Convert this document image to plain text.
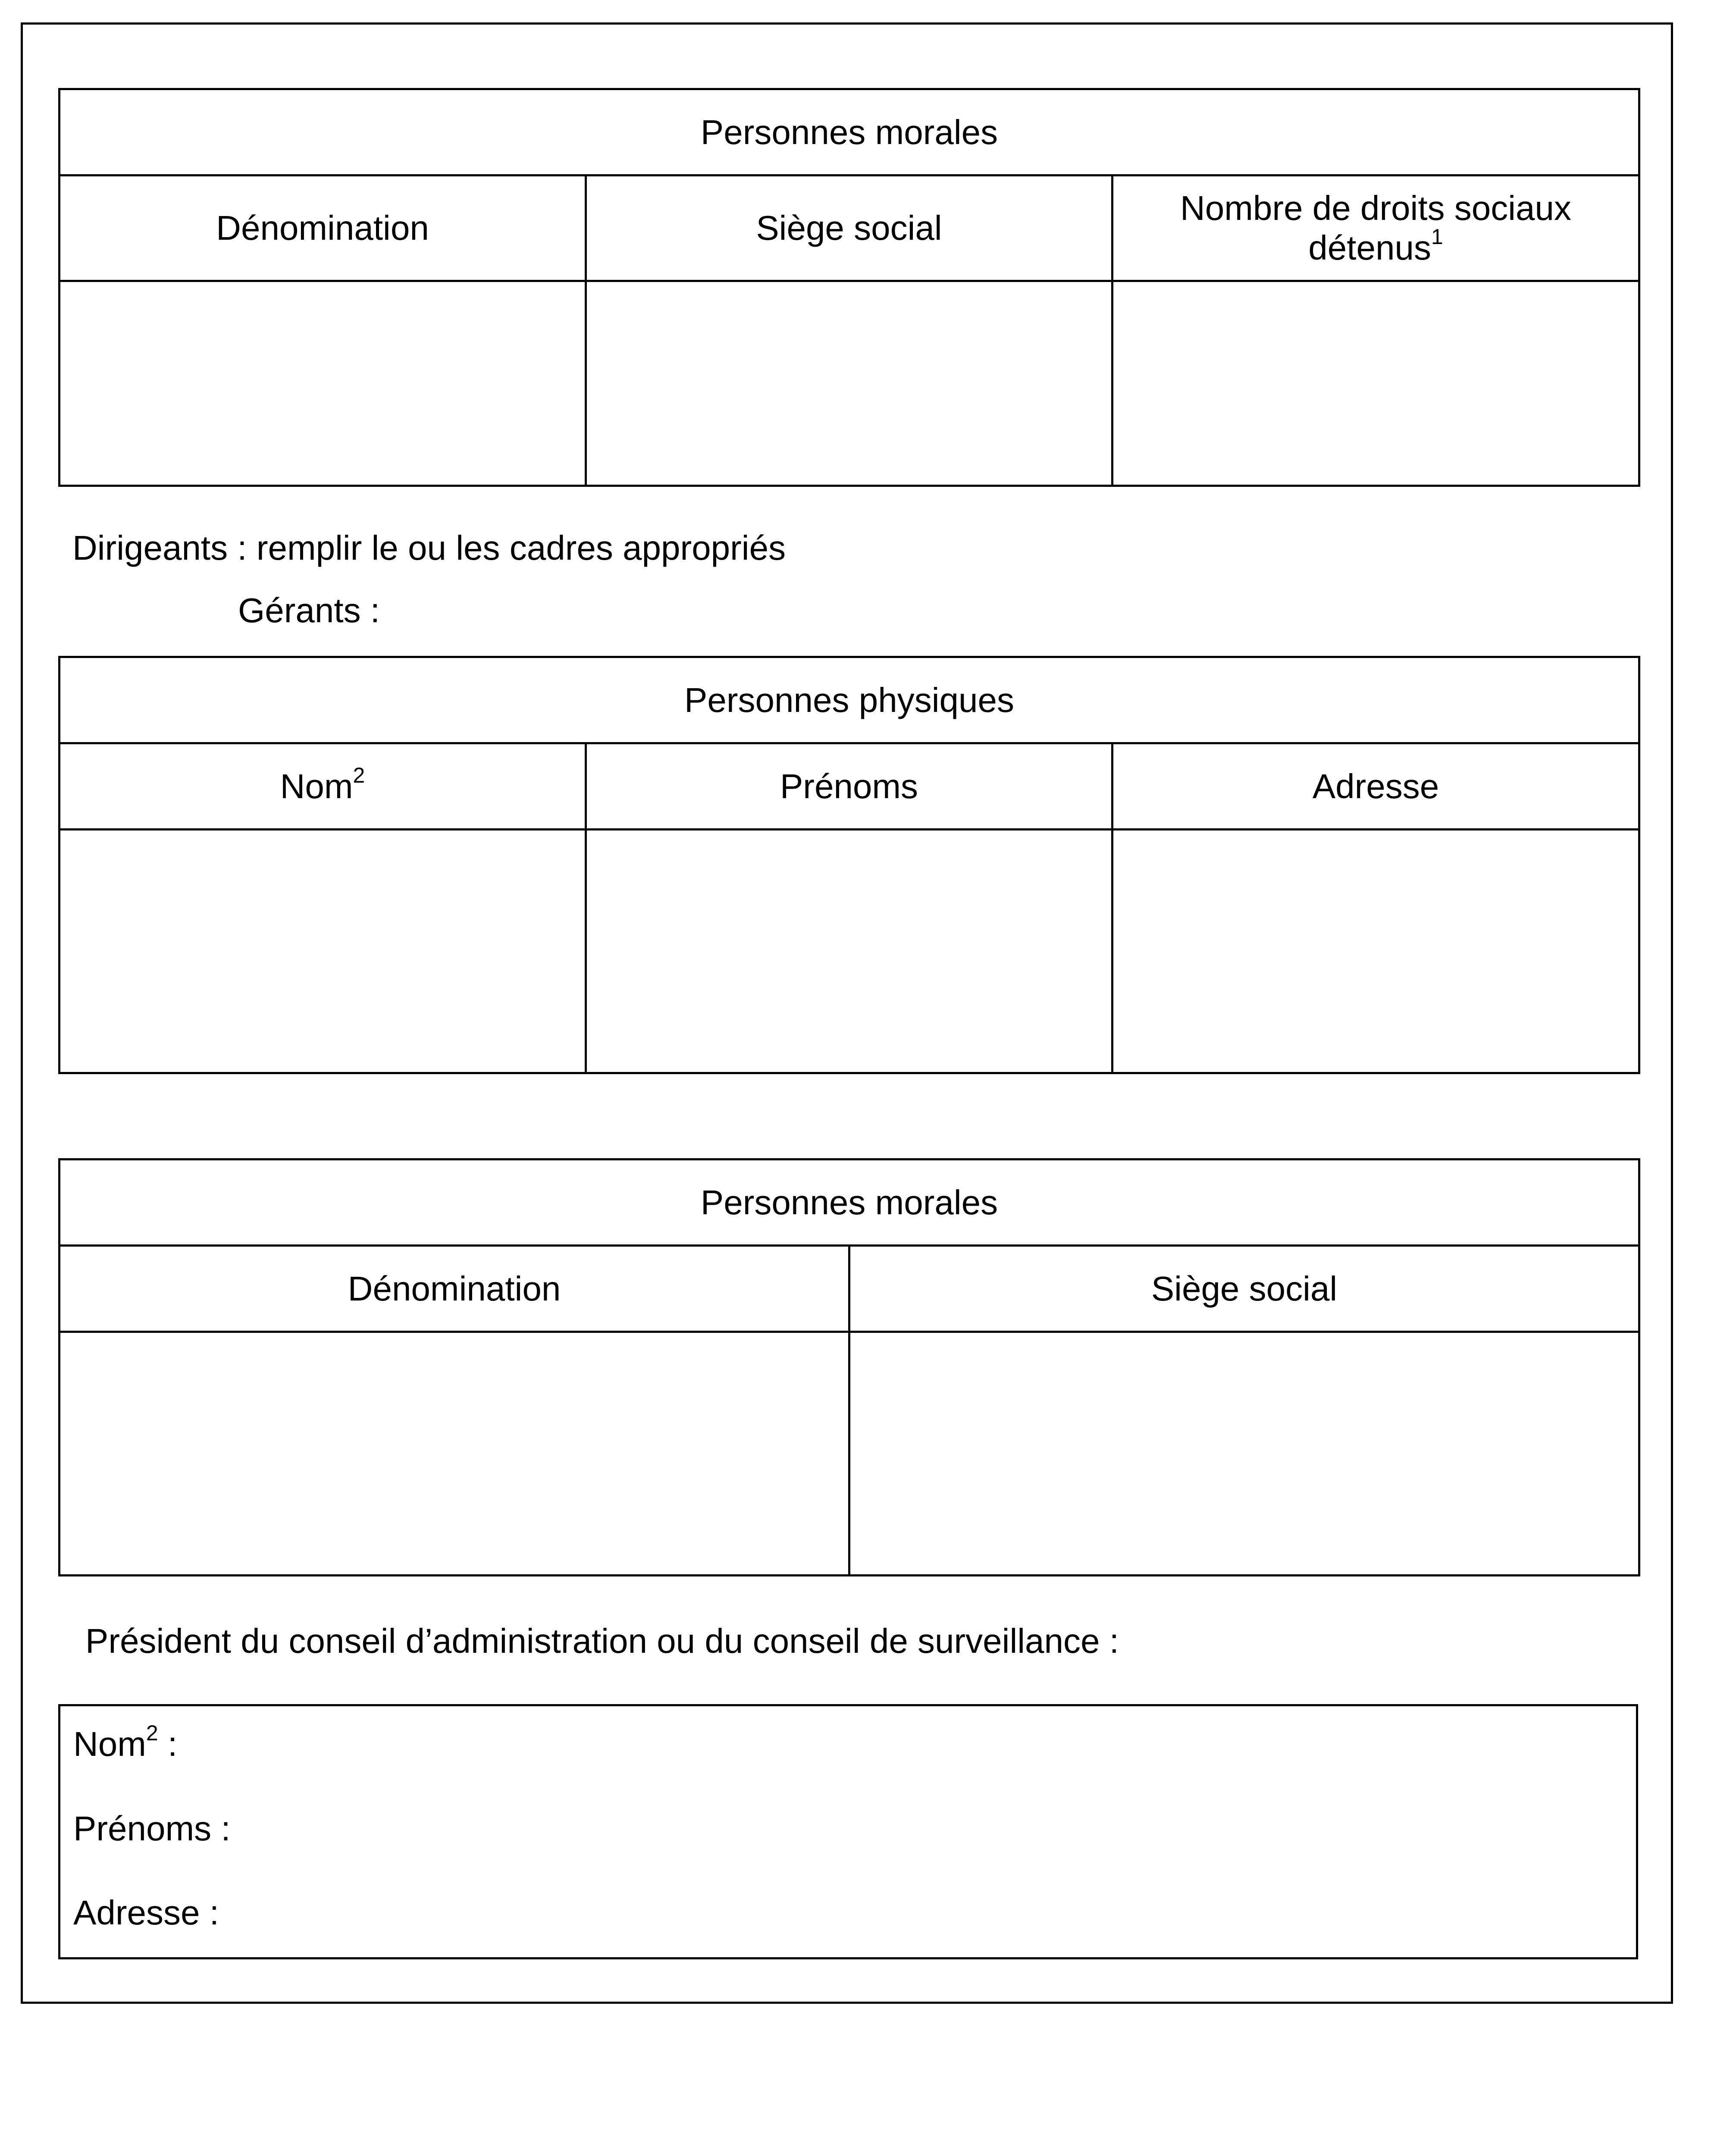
Personnes morales		
Dénomination	Siège social	Nombre de droits sociaux détenus$^1$

Dirigeants : remplir le ou les cadres appropriés
Gérants :
Personnes physiques		
Nom$^2$	Prénoms	Adresse

Personnes morales	
Dénomination	Siège social

Président du conseil d’administration ou du conseil de surveillance :
Nom$^2$ :
Prénoms :
Adresse :
